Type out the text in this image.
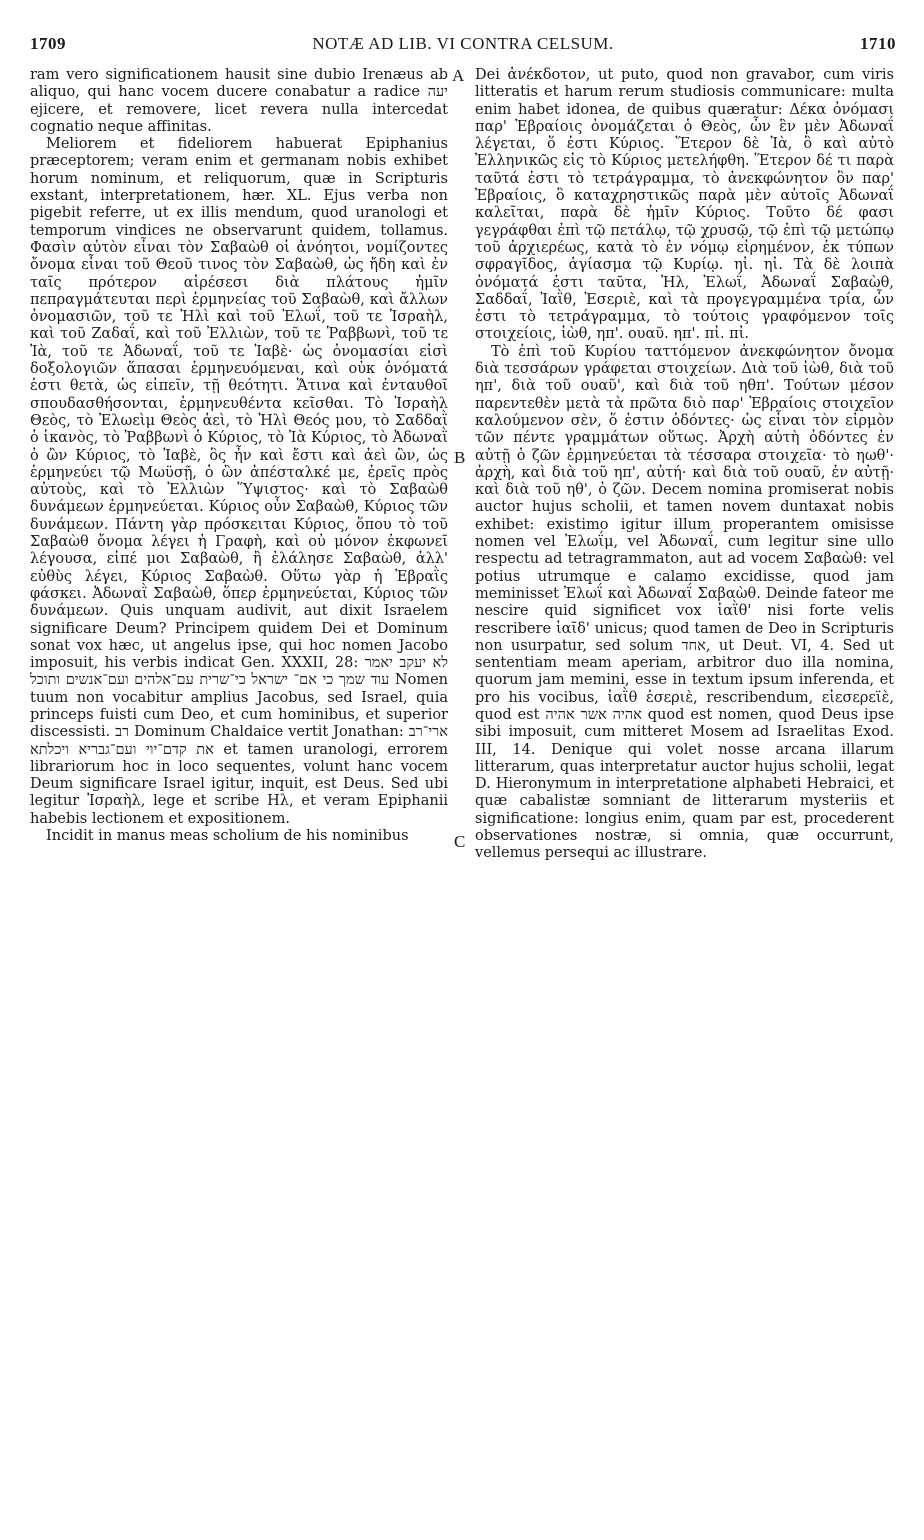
1709	NOTÆ AD LIB. VI CONTRA CELSUM.	1710
A
B
C

ram vero significationem hausit sine dubio Irenæus ab aliquo, qui hanc vocem ducere conabatur a radice יעה ejicere, et removere, licet revera nulla intercedat cognatio neque affinitas.

Meliorem et fideliorem habuerat Epiphanius præceptorem; veram enim et germanam nobis exhibet horum nominum, et reliquorum, quæ in Scripturis exstant, interpretationem, hær. XL. Ejus verba non pigebit referre, ut ex illis mendum, quod uranologi et temporum vindices ne observarunt quidem, tollamus. Φασὶν αὐτὸν εἶναι τὸν Σαβαὼθ οἱ ἀνόητοι, νομίζοντες ὄνομα εἶναι τοῦ Θεοῦ τινος τὸν Σαβαὼθ, ὡς ἤδη καὶ ἐν ταῖς πρότερον αἱρέσεσι διὰ πλάτους ἡμῖν πεπραγμάτευται περὶ ἑρμηνείας τοῦ Σαβαὼθ, καὶ ἄλλων ὀνομασιῶν, τοῦ τε Ἠλὶ καὶ τοῦ Ἐλωΐ, τοῦ τε Ἰσραὴλ, καὶ τοῦ Ζαδαΐ, καὶ τοῦ Ἐλλιὼν, τοῦ τε Ῥαββωνὶ, τοῦ τε Ἰὰ, τοῦ τε Ἀδωναΐ, τοῦ τε Ἰαβὲ· ὡς ὀνομασίαι εἰσὶ δοξολογιῶν ἅπασαι ἑρμηνευόμεναι, καὶ οὐκ ὀνόματά ἐστι θετὰ, ὡς εἰπεῖν, τῇ θεότητι. Ἅτινα καὶ ἐνταυθοῖ σπουδασθήσονται, ἑρμηνευθέντα κεῖσθαι. Τὸ Ἰσραὴλ Θεὸς, τὸ Ἐλωεὶμ Θεὸς ἀεὶ, τὸ Ἠλὶ Θεός μου, τὸ Σαδδαῒ ὁ ἱκανὸς, τὸ Ῥαββωνὶ ὁ Κύριος, τὸ Ἰὰ Κύριος, τὸ Ἀδωναῒ ὁ ὢν Κύριος, τὸ Ἰαβὲ, ὃς ἦν καὶ ἔστι καὶ ἀεὶ ὢν, ὡς ἑρμηνεύει τῷ Μωϋσῇ, ὁ ὢν ἀπέσταλκέ με, ἐρεῖς πρὸς αὐτοὺς, καὶ τὸ Ἐλλιὼν Ὕψιστος· καὶ τὸ Σαβαὼθ δυνάμεων ἑρμηνεύεται. Κύριος οὖν Σαβαὼθ, Κύριος τῶν δυνάμεων. Πάντη γὰρ πρόσκειται Κύριος, ὅπου τὸ τοῦ Σαβαὼθ ὄνομα λέγει ἡ Γραφὴ, καὶ οὐ μόνον ἐκφωνεῖ λέγουσα, εἰπέ μοι Σαβαὼθ, ἢ ἐλάλησε Σαβαὼθ, ἀλλ' εὐθὺς λέγει, Κύριος Σαβαὼθ. Οὕτω γὰρ ἡ Ἑβραῒς φάσκει. Ἀδωναῒ Σαβαὼθ, ὅπερ ἑρμηνεύεται, Κύριος τῶν δυνάμεων. Quis unquam audivit, aut dixit Israelem significare Deum? Principem quidem Dei et Dominum sonat vox hæc, ut angelus ipse, qui hoc nomen Jacobo imposuit, his verbis indicat Gen. XXXII, 28: לא יעקב יאמר עוד שמך כי אם־ ישראל כי־שרית עם־אלהים ועם־אנשים ותוכל Nomen tuum non vocabitur amplius Jacobus, sed Israel, quia princeps fuisti cum Deo, et cum hominibus, et superior discessisti. רב Dominum Chaldaice vertit Jonathan: ארי־רב את קדם־יוי ועם־גבריא ויכלתא et tamen uranologi, errorem librariorum hoc in loco sequentes, volunt hanc vocem Deum significare Israel igitur, inquit, est Deus. Sed ubi legitur Ἰσραὴλ, lege et scribe Ηλ, et veram Epiphanii habebis lectionem et expositionem.

Incidit in manus meas scholium de his nominibus

Dei ἀνέκδοτον, ut puto, quod non gravabor, cum viris litteratis et harum rerum studiosis communicare: multa enim habet idonea, de quibus quæratur: Δέκα ὀνόμασι παρ' Ἑβραίοις ὀνομάζεται ὁ Θεὸς, ὧν ἓν μὲν Ἀδωναΐ λέγεται, ὅ ἐστι Κύριος. Ἕτερον δὲ Ἰὰ, ὃ καὶ αὐτὸ Ἑλληνικῶς εἰς τὸ Κύριος μετελήφθη. Ἕτερον δέ τι παρὰ ταῦτά ἐστι τὸ τετράγραμμα, τὸ ἀνεκφώνητον ὃν παρ' Ἑβραίοις, ὃ καταχρηστικῶς παρὰ μὲν αὐτοῖς Ἀδωναΐ καλεῖται, παρὰ δὲ ἡμῖν Κύριος. Τοῦτο δέ φασι γεγράφθαι ἐπὶ τῷ πετάλῳ, τῷ χρυσῷ, τῷ ἐπὶ τῷ μετώπῳ τοῦ ἀρχιερέως, κατὰ τὸ ἐν νόμῳ εἰρημένον, ἐκ τύπων σφραγῖδος, ἁγίασμα τῷ Κυρίῳ. ηἰ. ηἰ. Τὰ δὲ λοιπὰ ὀνόματά ἐστι ταῦτα, Ἠλ, Ἐλωΐ, Ἀδωναΐ Σαβαὼθ, Σαδδαΐ, Ἰαῒθ, Ἐσεριὲ, καὶ τὰ προγεγραμμένα τρία, ὧν ἐστι τὸ τετράγραμμα, τὸ τούτοις γραφόμενον τοῖς στοιχείοις, ἰὼθ, ηπ'. ουαῦ. ηπ'. πἰ. πἰ.

Τὸ ἐπὶ τοῦ Κυρίου ταττόμενον ἀνεκφώνητον ὄνομα διὰ τεσσάρων γράφεται στοιχείων. Διὰ τοῦ ἰὼθ, διὰ τοῦ ηπ', διὰ τοῦ ουαῦ', καὶ διὰ τοῦ ηθπ'. Τούτων μέσον παρεντεθὲν μετὰ τὰ πρῶτα διὸ παρ' Ἑβραίοις στοιχεῖον καλούμενον σὲν, ὅ ἐστιν ὀδόντες· ὡς εἶναι τὸν εἱρμὸν τῶν πέντε γραμμάτων οὕτως. Ἀρχὴ αὐτὴ ὀδόντες ἐν αὐτῇ ὁ ζῶν ἑρμηνεύεται τὰ τέσσαρα στοιχεῖα· τὸ ηωθ'· ἀρχὴ, καὶ διὰ τοῦ ηπ', αὐτή· καὶ διὰ τοῦ ουαῦ, ἐν αὐτῇ· καὶ διὰ τοῦ ηθ', ὁ ζῶν. Decem nomina promiserat nobis auctor hujus scholii, et tamen novem duntaxat nobis exhibet: existimo igitur illum properantem omisisse nomen vel Ἐλωΐμ, vel Ἀδωναΐ, cum legitur sine ullo respectu ad tetragrammaton, aut ad vocem Σαβαὼθ: vel potius utrumque e calamo excidisse, quod jam meminisset Ἐλωΐ καὶ Ἀδωναΐ Σαβαὼθ. Deinde fateor me nescire quid significet vox ἰαῒθ' nisi forte velis rescribere ἰαῖδ' unicus; quod tamen de Deo in Scripturis non usurpatur, sed solum אחד, ut Deut. VI, 4. Sed ut sententiam meam aperiam, arbitror duo illa nomina, quorum jam memini, esse in textum ipsum inferenda, et pro his vocibus, ἰαῒθ ἐσεριὲ, rescribendum, εἰεσερεϊὲ, quod est אהיה אשר אהיה quod est nomen, quod Deus ipse sibi imposuit, cum mitteret Mosem ad Israelitas Exod. III, 14. Denique qui volet nosse arcana illarum litterarum, quas interpretatur auctor hujus scholii, legat D. Hieronymum in interpretatione alphabeti Hebraici, et quæ cabalistæ somniant de litterarum mysteriis et significatione: longius enim, quam par est, procederent observationes nostræ, si omnia, quæ occurrunt, vellemus persequi ac illustrare.
